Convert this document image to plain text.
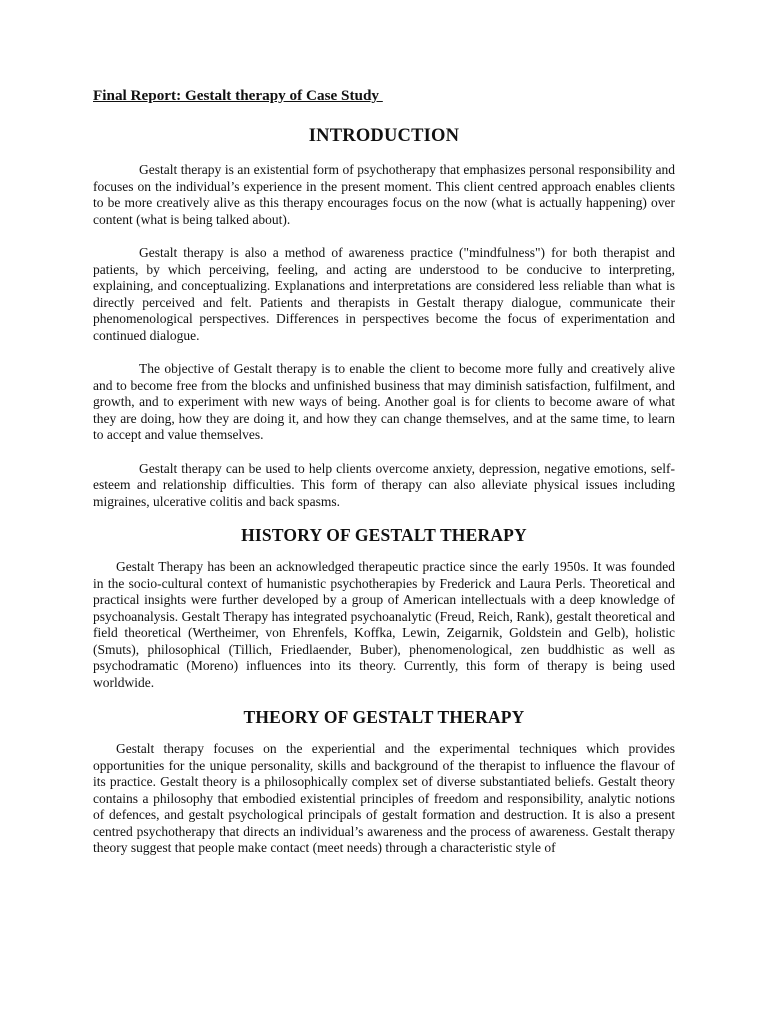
Final Report: Gestalt therapy of Case Study
INTRODUCTION

Gestalt therapy is an existential form of psychotherapy that emphasizes personal responsibility and focuses on the individual’s experience in the present moment. This client centred approach enables clients to be more creatively alive as this therapy encourages focus on the now (what is actually happening) over content (what is being talked about).

Gestalt therapy is also a method of awareness practice ("mindfulness") for both therapist and patients, by which perceiving, feeling, and acting are understood to be conducive to interpreting, explaining, and conceptualizing. Explanations and interpretations are considered less reliable than what is directly perceived and felt. Patients and therapists in Gestalt therapy dialogue, communicate their phenomenological perspectives. Differences in perspectives become the focus of experimentation and continued dialogue.

The objective of Gestalt therapy is to enable the client to become more fully and creatively alive and to become free from the blocks and unfinished business that may diminish satisfaction, fulfilment, and growth, and to experiment with new ways of being. Another goal is for clients to become aware of what they are doing, how they are doing it, and how they can change themselves, and at the same time, to learn to accept and value themselves.

Gestalt therapy can be used to help clients overcome anxiety, depression, negative emotions, self-esteem and relationship difficulties. This form of therapy can also alleviate physical issues including migraines, ulcerative colitis and back spasms.

HISTORY OF GESTALT THERAPY

Gestalt Therapy has been an acknowledged therapeutic practice since the early 1950s. It was founded in the socio-cultural context of humanistic psychotherapies by Frederick and Laura Perls. Theoretical and practical insights were further developed by a group of American intellectuals with a deep knowledge of psychoanalysis. Gestalt Therapy has integrated psychoanalytic (Freud, Reich, Rank), gestalt theoretical and field theoretical (Wertheimer, von Ehrenfels, Koffka, Lewin, Zeigarnik, Goldstein and Gelb), holistic (Smuts), philosophical (Tillich, Friedlaender, Buber), phenomenological, zen buddhistic as well as psychodramatic (Moreno) influences into its theory. Currently, this form of therapy is being used worldwide.

THEORY OF GESTALT THERAPY

Gestalt therapy focuses on the experiential and the experimental techniques which provides opportunities for the unique personality, skills and background of the therapist to influence the flavour of its practice. Gestalt theory is a philosophically complex set of diverse substantiated beliefs. Gestalt theory contains a philosophy that embodied existential principles of freedom and responsibility, analytic notions of defences, and gestalt psychological principals of gestalt formation and destruction. It is also a present centred psychotherapy that directs an individual’s awareness and the process of awareness. Gestalt therapy theory suggest that people make contact (meet needs) through a characteristic style of
